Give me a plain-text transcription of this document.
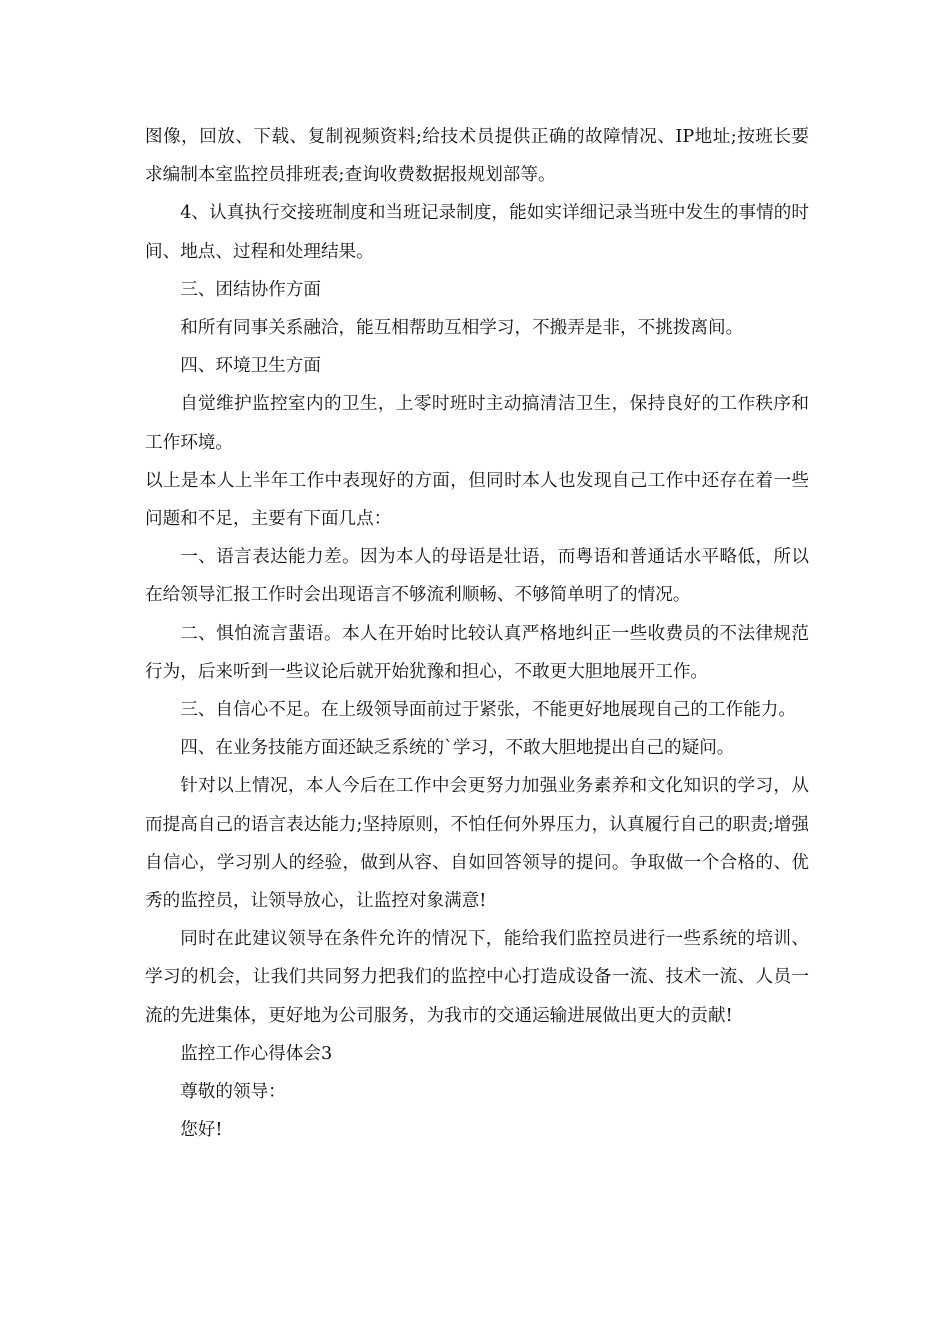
图像，回放、下载、复制视频资料;给技术员提供正确的故障情况、IP地址;按班长要求编制本室监控员排班表;查询收费数据报规划部等。

4、认真执行交接班制度和当班记录制度，能如实详细记录当班中发生的事情的时间、地点、过程和处理结果。

三、团结协作方面

和所有同事关系融洽，能互相帮助互相学习，不搬弄是非，不挑拨离间。

四、环境卫生方面

自觉维护监控室内的卫生，上零时班时主动搞清洁卫生，保持良好的工作秩序和工作环境。

以上是本人上半年工作中表现好的方面，但同时本人也发现自己工作中还存在着一些问题和不足，主要有下面几点：

一、语言表达能力差。因为本人的母语是壮语，而粤语和普通话水平略低，所以在给领导汇报工作时会出现语言不够流利顺畅、不够简单明了的情况。

二、惧怕流言蜚语。本人在开始时比较认真严格地纠正一些收费员的不法律规范行为，后来听到一些议论后就开始犹豫和担心，不敢更大胆地展开工作。

三、自信心不足。在上级领导面前过于紧张，不能更好地展现自己的工作能力。

四、在业务技能方面还缺乏系统的`学习，不敢大胆地提出自己的疑问。

针对以上情况，本人今后在工作中会更努力加强业务素养和文化知识的学习，从而提高自己的语言表达能力;坚持原则，不怕任何外界压力，认真履行自己的职责;增强自信心，学习别人的经验，做到从容、自如回答领导的提问。争取做一个合格的、优秀的监控员，让领导放心，让监控对象满意!

同时在此建议领导在条件允许的情况下，能给我们监控员进行一些系统的培训、学习的机会，让我们共同努力把我们的监控中心打造成设备一流、技术一流、人员一流的先进集体，更好地为公司服务，为我市的交通运输进展做出更大的贡献!

监控工作心得体会3

尊敬的领导：

您好!
